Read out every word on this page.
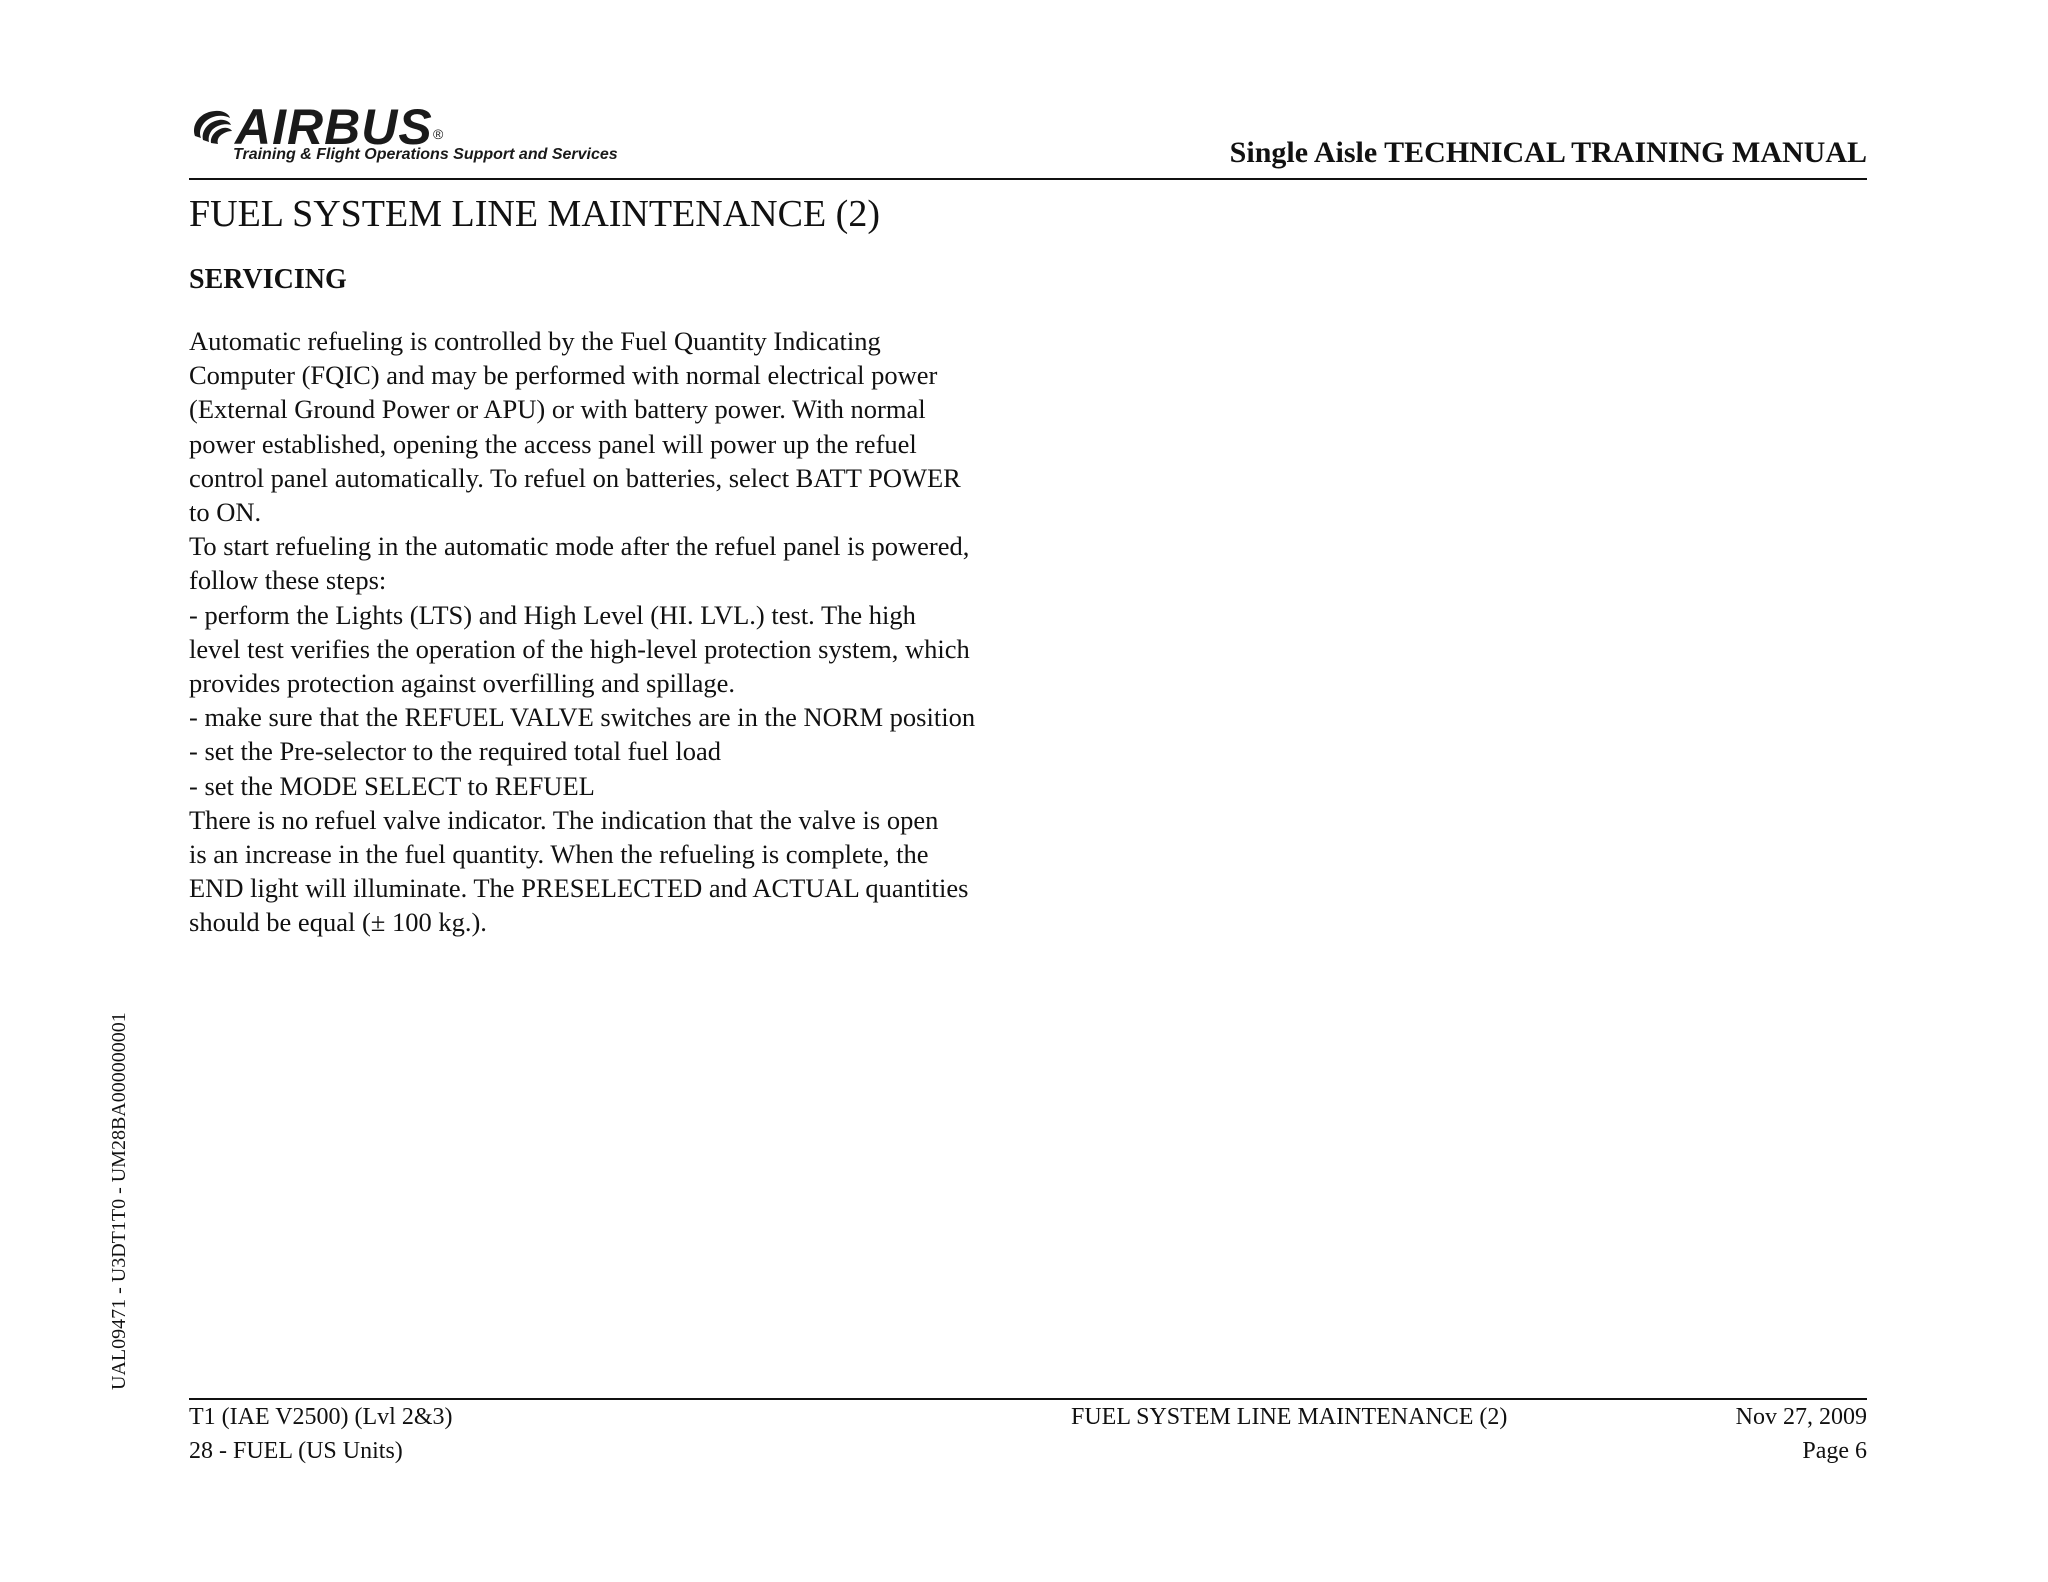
AIRBUS ®
Training & Flight Operations Support and Services	Single Aisle TECHNICAL TRAINING MANUAL
FUEL SYSTEM LINE MAINTENANCE (2)
SERVICING
Automatic refueling is controlled by the Fuel Quantity Indicating
Computer (FQIC) and may be performed with normal electrical power
(External Ground Power or APU) or with battery power. With normal
power established, opening the access panel will power up the refuel
control panel automatically. To refuel on batteries, select BATT POWER
to ON.
To start refueling in the automatic mode after the refuel panel is powered,
follow these steps:
- perform the Lights (LTS) and High Level (HI. LVL.) test. The high
level test verifies the operation of the high-level protection system, which
provides protection against overfilling and spillage.
- make sure that the REFUEL VALVE switches are in the NORM position
- set the Pre-selector to the required total fuel load
- set the MODE SELECT to REFUEL
There is no refuel valve indicator. The indication that the valve is open
is an increase in the fuel quantity. When the refueling is complete, the
END light will illuminate. The PRESELECTED and ACTUAL quantities
should be equal (± 100 kg.).
UAL09471 - U3DT1T0 - UM28BA000000001
T1 (IAE V2500) (Lvl 2&3)
28 - FUEL (US Units)
FUEL SYSTEM LINE MAINTENANCE (2)	Nov 27, 2009
Page 6
